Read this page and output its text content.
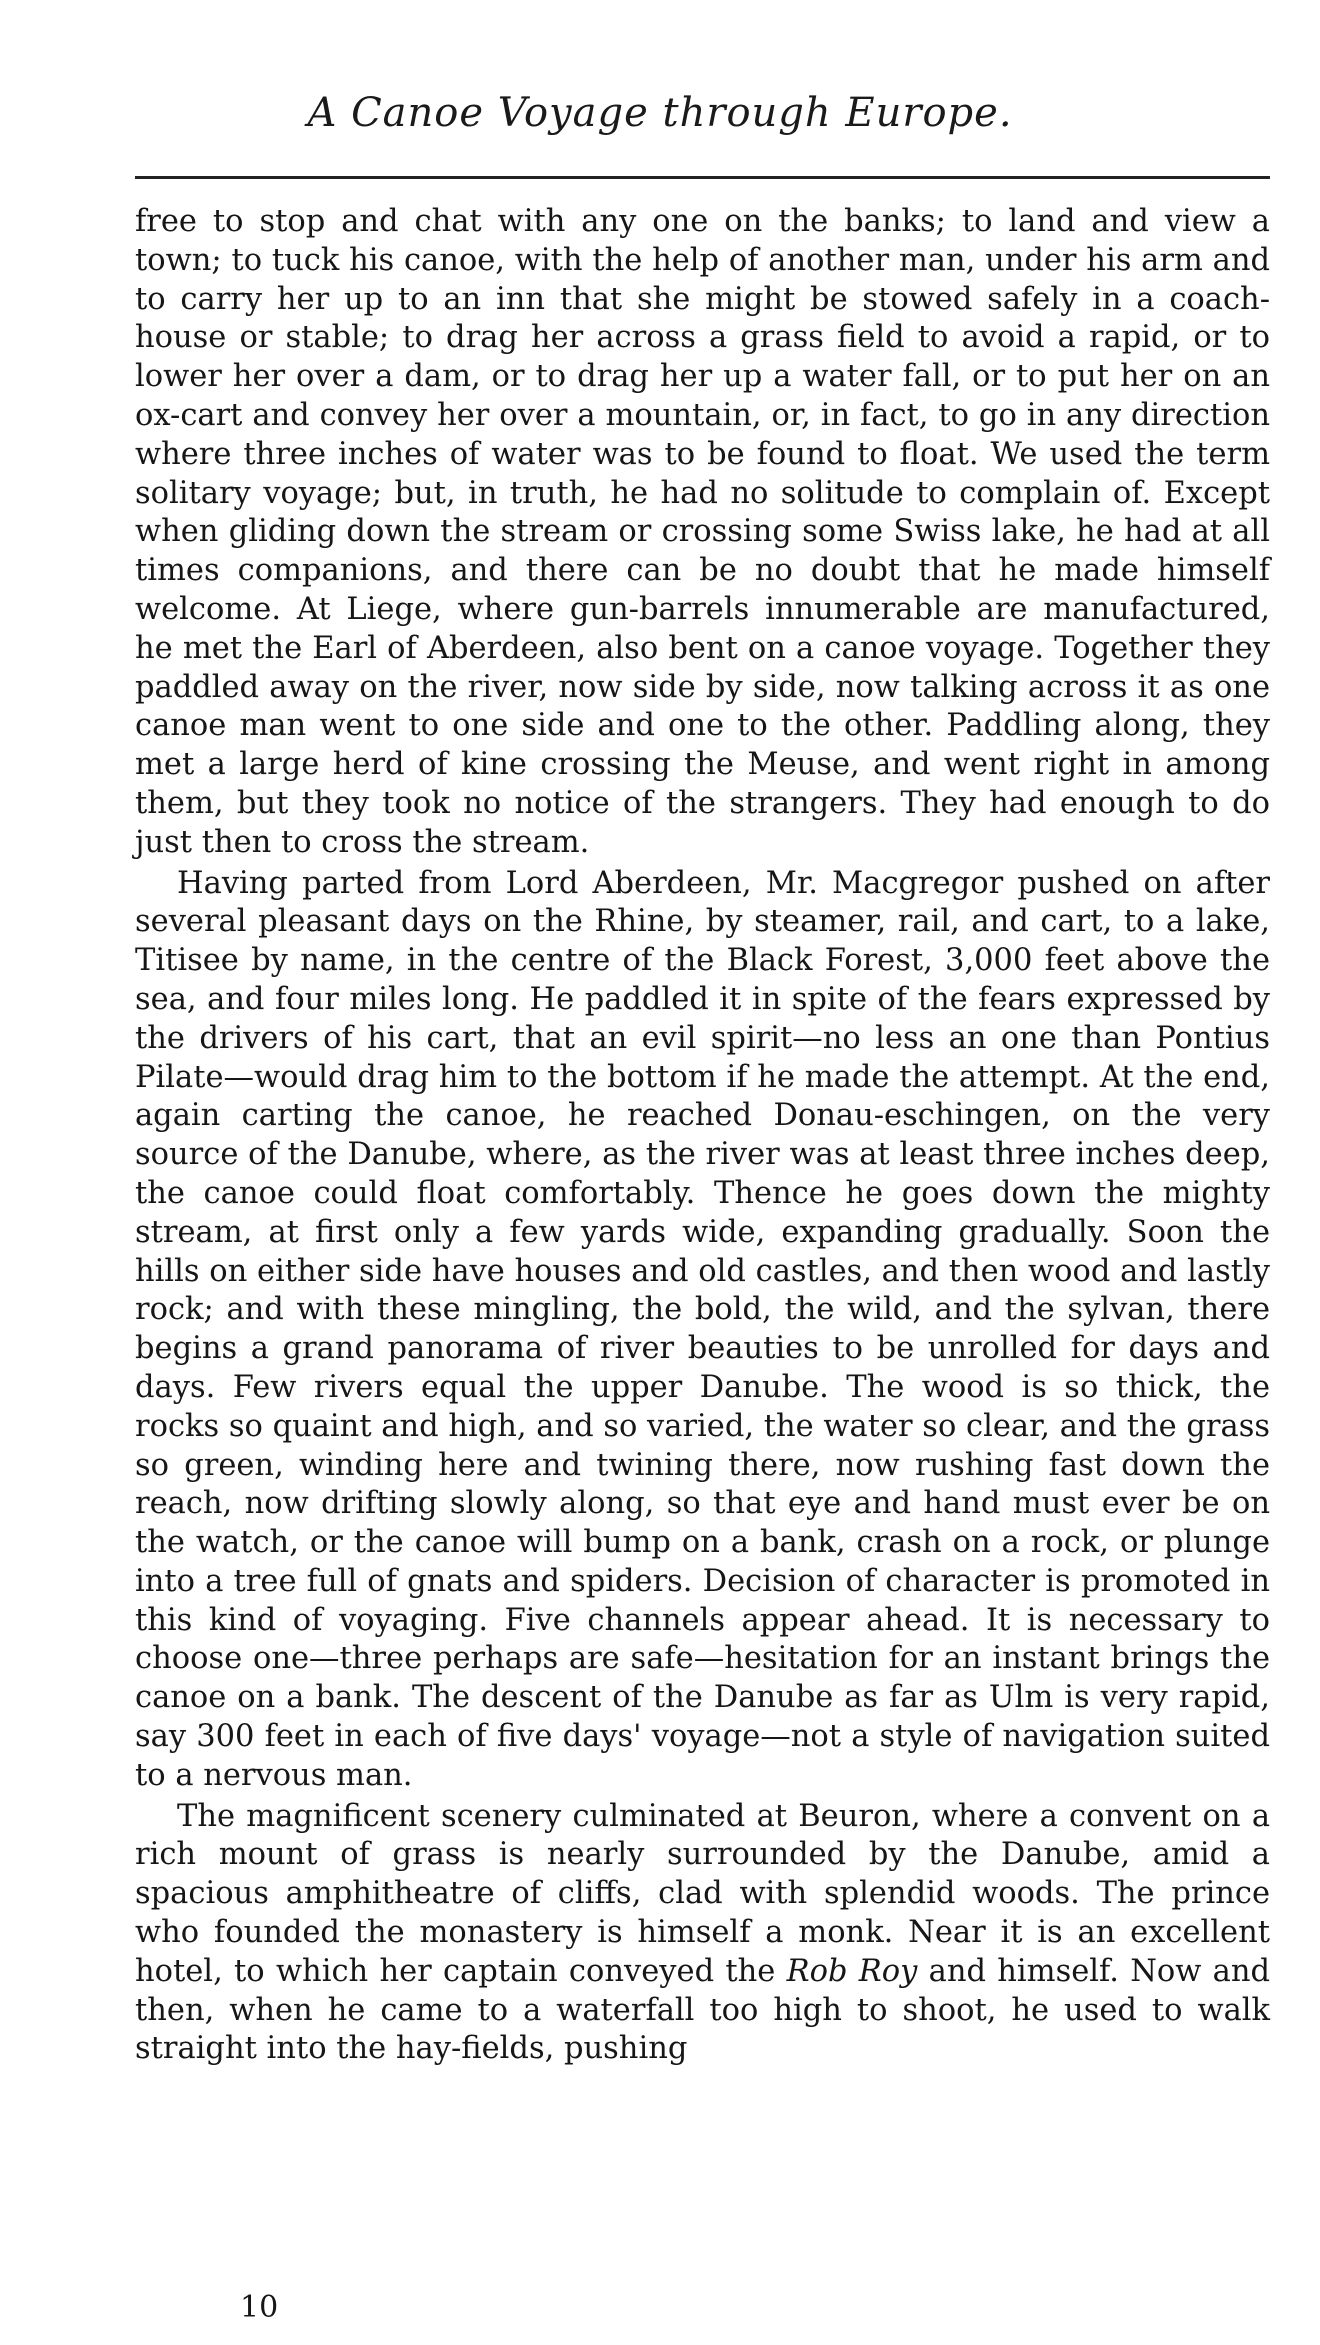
A Canoe Voyage through Europe.

free to stop and chat with any one on the banks; to land and view a town; to tuck his canoe, with the help of another man, under his arm and to carry her up to an inn that she might be stowed safely in a coach-house or stable; to drag her across a grass field to avoid a rapid, or to lower her over a dam, or to drag her up a water fall, or to put her on an ox-cart and convey her over a mountain, or, in fact, to go in any direction where three inches of water was to be found to float. We used the term solitary voyage; but, in truth, he had no solitude to complain of. Except when gliding down the stream or crossing some Swiss lake, he had at all times companions, and there can be no doubt that he made himself welcome. At Liege, where gun-barrels innumerable are manufactured, he met the Earl of Aberdeen, also bent on a canoe voyage. Together they paddled away on the river, now side by side, now talking across it as one canoe man went to one side and one to the other. Paddling along, they met a large herd of kine crossing the Meuse, and went right in among them, but they took no notice of the strangers. They had enough to do just then to cross the stream.

Having parted from Lord Aberdeen, Mr. Macgregor pushed on after several pleasant days on the Rhine, by steamer, rail, and cart, to a lake, Titisee by name, in the centre of the Black Forest, 3,000 feet above the sea, and four miles long. He paddled it in spite of the fears expressed by the drivers of his cart, that an evil spirit—no less an one than Pontius Pilate—would drag him to the bottom if he made the attempt. At the end, again carting the canoe, he reached Donau-eschingen, on the very source of the Danube, where, as the river was at least three inches deep, the canoe could float comfortably. Thence he goes down the mighty stream, at first only a few yards wide, expanding gradually. Soon the hills on either side have houses and old castles, and then wood and lastly rock; and with these mingling, the bold, the wild, and the sylvan, there begins a grand panorama of river beauties to be unrolled for days and days. Few rivers equal the upper Danube. The wood is so thick, the rocks so quaint and high, and so varied, the water so clear, and the grass so green, winding here and twining there, now rushing fast down the reach, now drifting slowly along, so that eye and hand must ever be on the watch, or the canoe will bump on a bank, crash on a rock, or plunge into a tree full of gnats and spiders. Decision of character is promoted in this kind of voyaging. Five channels appear ahead. It is necessary to choose one—three perhaps are safe—hesitation for an instant brings the canoe on a bank. The descent of the Danube as far as Ulm is very rapid, say 300 feet in each of five days' voyage—not a style of navigation suited to a nervous man.

The magnificent scenery culminated at Beuron, where a convent on a rich mount of grass is nearly surrounded by the Danube, amid a spacious amphitheatre of cliffs, clad with splendid woods. The prince who founded the monastery is himself a monk. Near it is an excellent hotel, to which her captain conveyed the Rob Roy and himself. Now and then, when he came to a waterfall too high to shoot, he used to walk straight into the hay-fields, pushing

10
